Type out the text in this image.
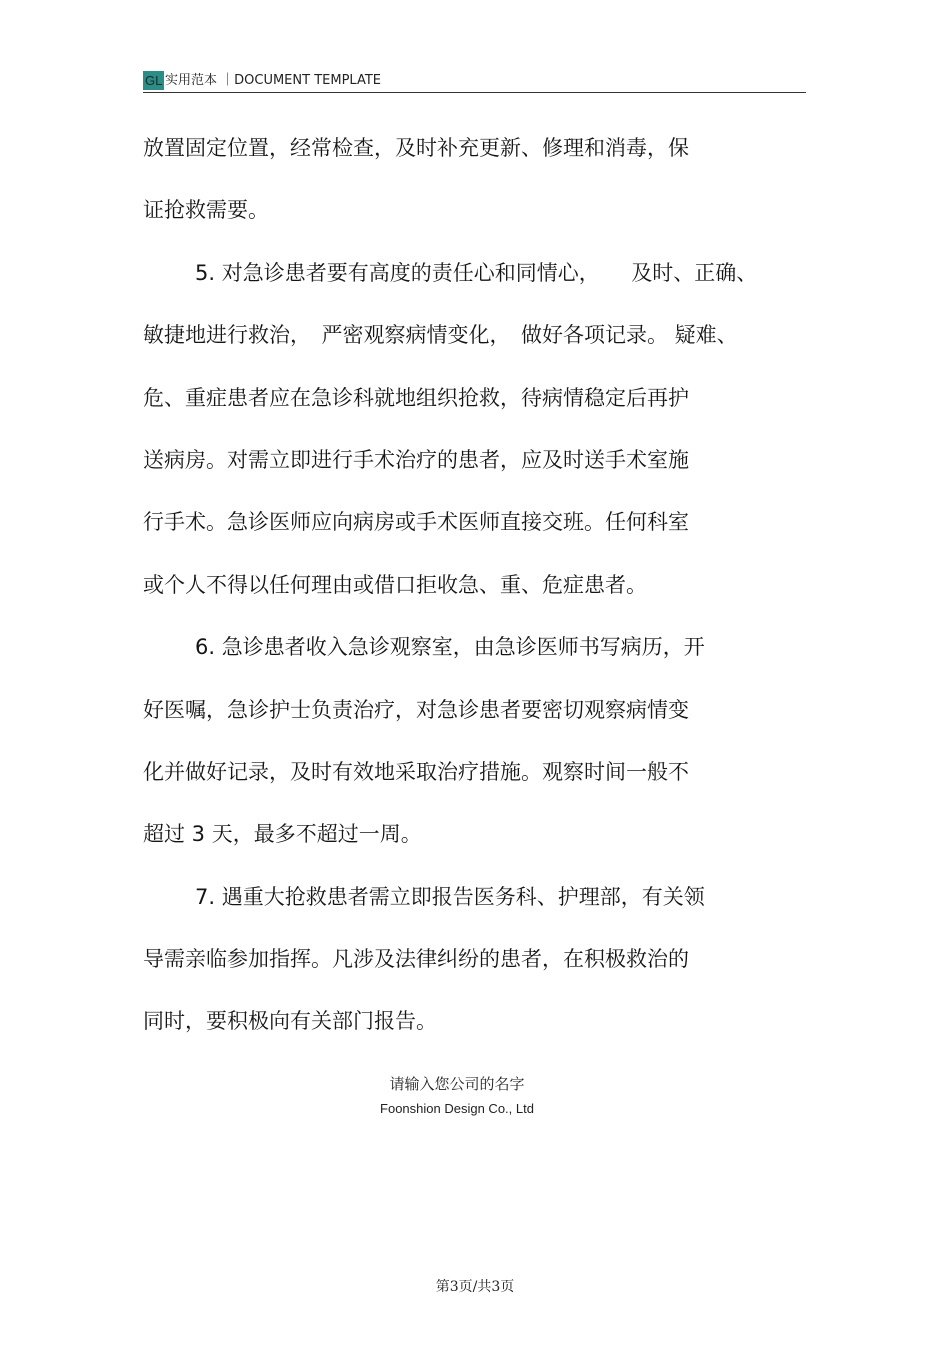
GL 实用范本 ｜DOCUMENT TEMPLATE
放置固定位置，经常检查，及时补充更新、修理和消毒，保
证抢救需要。
5. 对急诊患者要有高度的责任心和同情心，　　及时、正确、
敏捷地进行救治，　严密观察病情变化，　做好各项记录。 疑难、
危、重症患者应在急诊科就地组织抢救，待病情稳定后再护
送病房。对需立即进行手术治疗的患者，应及时送手术室施
行手术。急诊医师应向病房或手术医师直接交班。任何科室
或个人不得以任何理由或借口拒收急、重、危症患者。
6. 急诊患者收入急诊观察室，由急诊医师书写病历，开
好医嘱，急诊护士负责治疗，对急诊患者要密切观察病情变
化并做好记录，及时有效地采取治疗措施。观察时间一般不
超过 3 天，最多不超过一周。
7. 遇重大抢救患者需立即报告医务科、护理部，有关领
导需亲临参加指挥。凡涉及法律纠纷的患者，在积极救治的
同时，要积极向有关部门报告。
请输入您公司的名字
Foonshion Design Co., Ltd
第3页/共3页
